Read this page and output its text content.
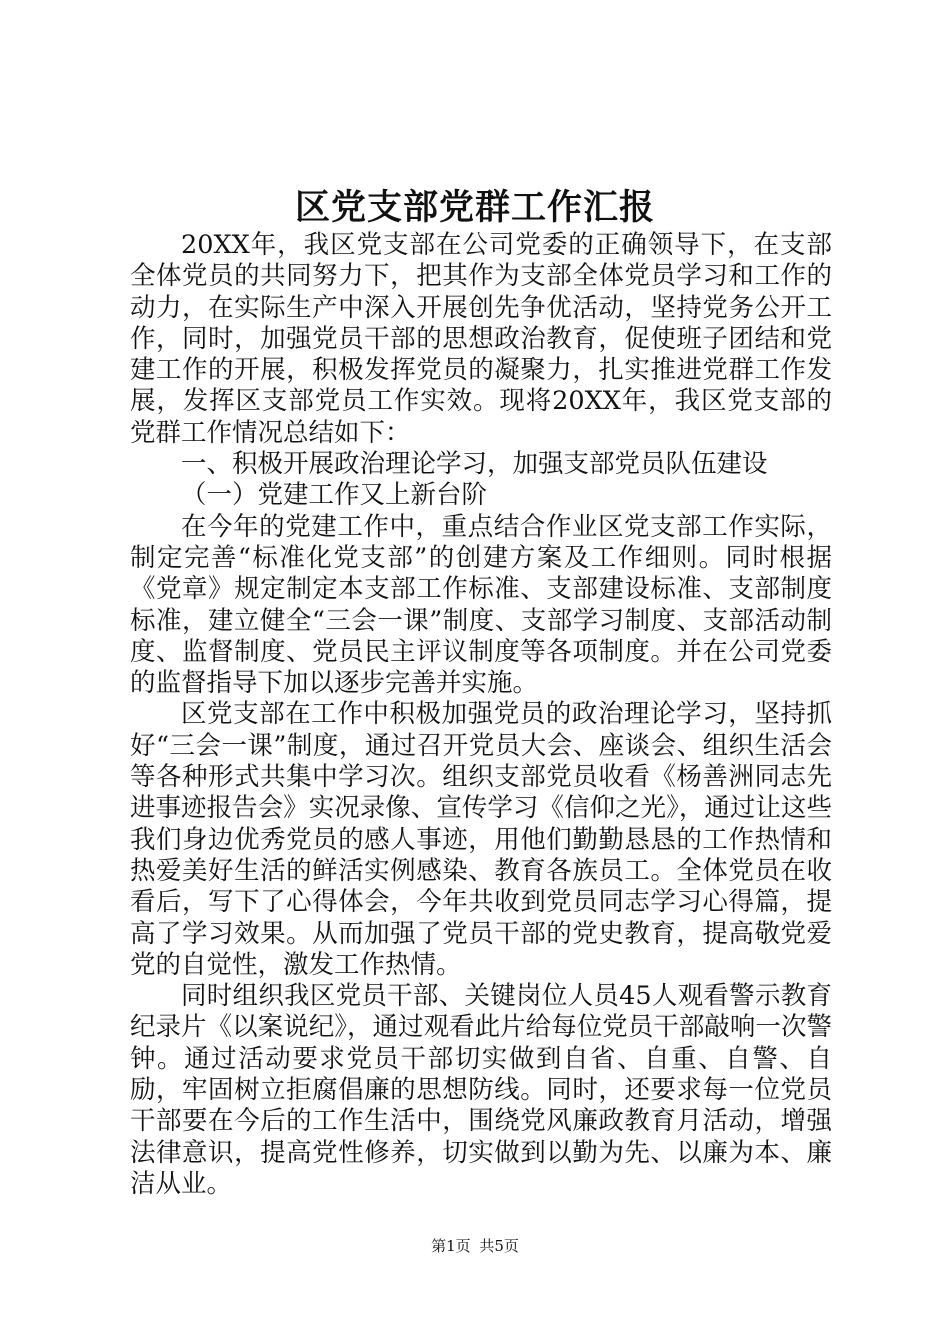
区党支部党群工作汇报

20XX年，我区党支部在公司党委的正确领导下，在支部全体党员的共同努力下，把其作为支部全体党员学习和工作的动力，在实际生产中深入开展创先争优活动，坚持党务公开工作，同时，加强党员干部的思想政治教育，促使班子团结和党建工作的开展，积极发挥党员的凝聚力，扎实推进党群工作发展，发挥区支部党员工作实效。现将20XX年，我区党支部的党群工作情况总结如下：

一、积极开展政治理论学习，加强支部党员队伍建设

（一）党建工作又上新台阶

在今年的党建工作中，重点结合作业区党支部工作实际，制定完善“标准化党支部”的创建方案及工作细则。同时根据《党章》规定制定本支部工作标准、支部建设标准、支部制度标准，建立健全“三会一课”制度、支部学习制度、支部活动制度、监督制度、党员民主评议制度等各项制度。并在公司党委的监督指导下加以逐步完善并实施。

区党支部在工作中积极加强党员的政治理论学习，坚持抓好“三会一课”制度，通过召开党员大会、座谈会、组织生活会等各种形式共集中学习次。组织支部党员收看《杨善洲同志先进事迹报告会》实况录像、宣传学习《信仰之光》，通过让这些我们身边优秀党员的感人事迹，用他们勤勤恳恳的工作热情和热爱美好生活的鲜活实例感染、教育各族员工。全体党员在收看后，写下了心得体会，今年共收到党员同志学习心得篇，提高了学习效果。从而加强了党员干部的党史教育，提高敬党爱党的自觉性，激发工作热情。

同时组织我区党员干部、关键岗位人员45人观看警示教育纪录片《以案说纪》，通过观看此片给每位党员干部敲响一次警钟。通过活动要求党员干部切实做到自省、自重、自警、自励，牢固树立拒腐倡廉的思想防线。同时，还要求每一位党员干部要在今后的工作生活中，围绕党风廉政教育月活动，增强法律意识，提高党性修养，切实做到以勤为先、以廉为本、廉洁从业。

第1页 共5页
